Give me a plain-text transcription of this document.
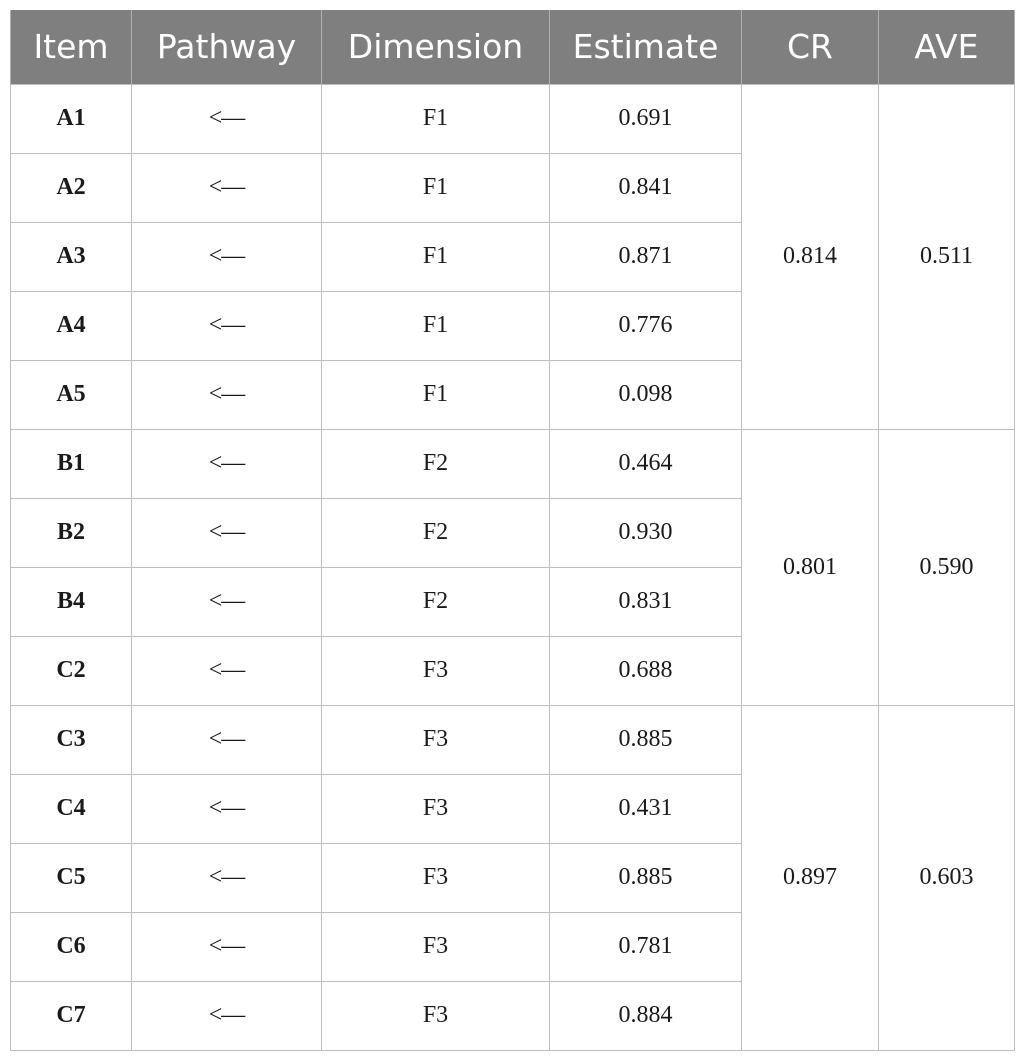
Item	Pathway	Dimension	Estimate	CR	AVE
A1	<—	F1	0.691	0.814	0.511
A2	<—	F1	0.841		
A3	<—	F1	0.871		
A4	<—	F1	0.776		
A5	<—	F1	0.098		
B1	<—	F2	0.464	0.801	0.590
B2	<—	F2	0.930		
B4	<—	F2	0.831		
C2	<—	F3	0.688		
C3	<—	F3	0.885	0.897	0.603
C4	<—	F3	0.431		
C5	<—	F3	0.885		
C6	<—	F3	0.781		
C7	<—	F3	0.884		
